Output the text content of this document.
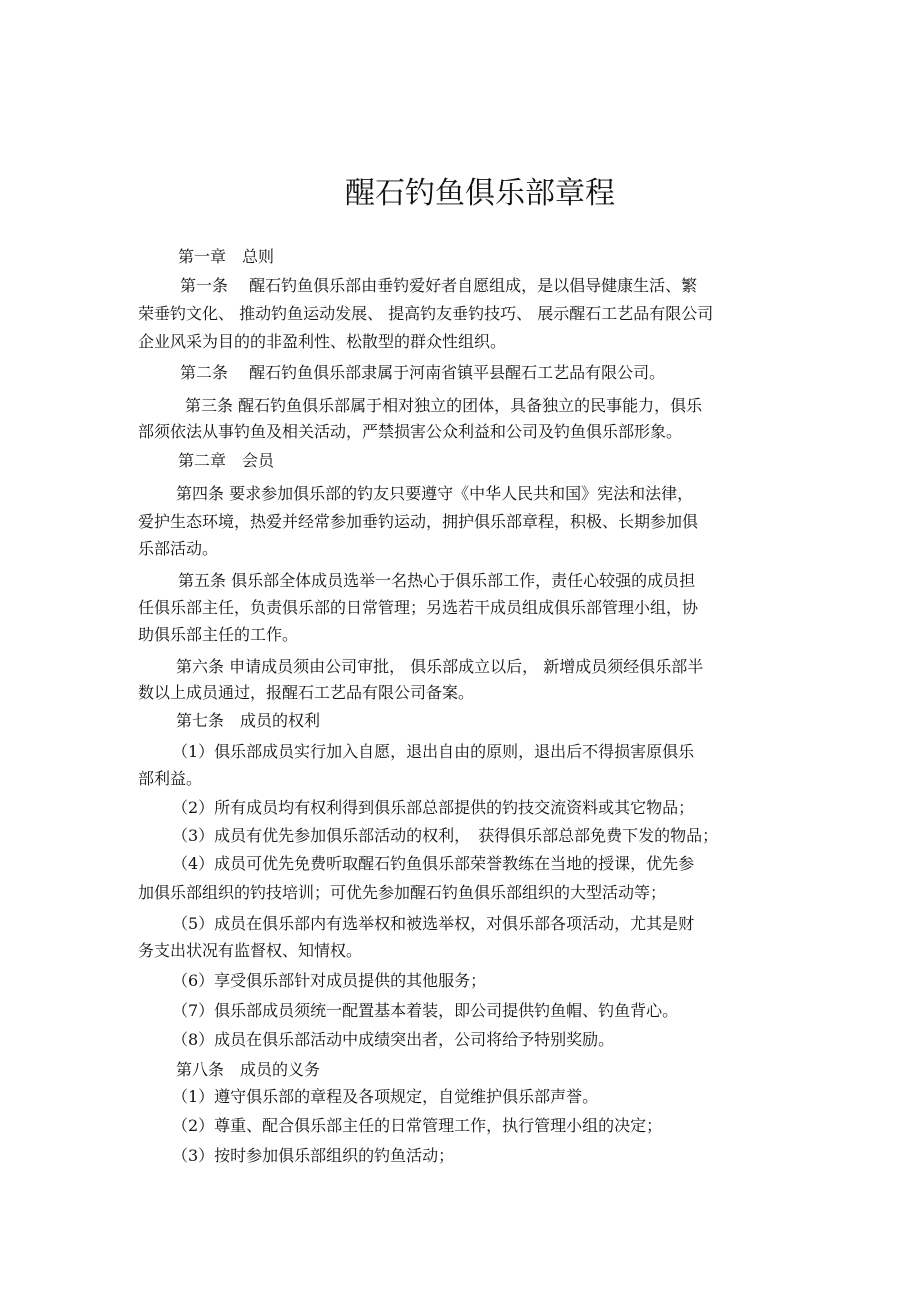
醒石钓鱼俱乐部章程
第一章　总则
第一条　 醒石钓鱼俱乐部由垂钓爱好者自愿组成，是以倡导健康生活、繁
荣垂钓文化、 推动钓鱼运动发展、 提高钓友垂钓技巧、 展示醒石工艺品有限公司
企业风采为目的的非盈利性、松散型的群众性组织。
第二条　 醒石钓鱼俱乐部隶属于河南省镇平县醒石工艺品有限公司。
第三条 醒石钓鱼俱乐部属于相对独立的团体，具备独立的民事能力，俱乐
部须依法从事钓鱼及相关活动，严禁损害公众利益和公司及钓鱼俱乐部形象。
第二章　会员
第四条 要求参加俱乐部的钓友只要遵守《中华人民共和国》宪法和法律，
爱护生态环境，热爱并经常参加垂钓运动，拥护俱乐部章程，积极、长期参加俱
乐部活动。
第五条 俱乐部全体成员选举一名热心于俱乐部工作，责任心较强的成员担
任俱乐部主任，负责俱乐部的日常管理；另选若干成员组成俱乐部管理小组，协
助俱乐部主任的工作。
第六条 申请成员须由公司审批， 俱乐部成立以后， 新增成员须经俱乐部半
数以上成员通过，报醒石工艺品有限公司备案。
第七条　成员的权利
（1）俱乐部成员实行加入自愿，退出自由的原则，退出后不得损害原俱乐
部利益。
（2）所有成员均有权利得到俱乐部总部提供的钓技交流资料或其它物品；
（3）成员有优先参加俱乐部活动的权利，　获得俱乐部总部免费下发的物品；
（4）成员可优先免费听取醒石钓鱼俱乐部荣誉教练在当地的授课，优先参
加俱乐部组织的钓技培训；可优先参加醒石钓鱼俱乐部组织的大型活动等；
（5）成员在俱乐部内有选举权和被选举权，对俱乐部各项活动，尤其是财
务支出状况有监督权、知情权。
（6）享受俱乐部针对成员提供的其他服务；
（7）俱乐部成员须统一配置基本着装，即公司提供钓鱼帽、钓鱼背心。
（8）成员在俱乐部活动中成绩突出者，公司将给予特别奖励。
第八条　成员的义务
（1）遵守俱乐部的章程及各项规定，自觉维护俱乐部声誉。
（2）尊重、配合俱乐部主任的日常管理工作，执行管理小组的决定；
（3）按时参加俱乐部组织的钓鱼活动；
